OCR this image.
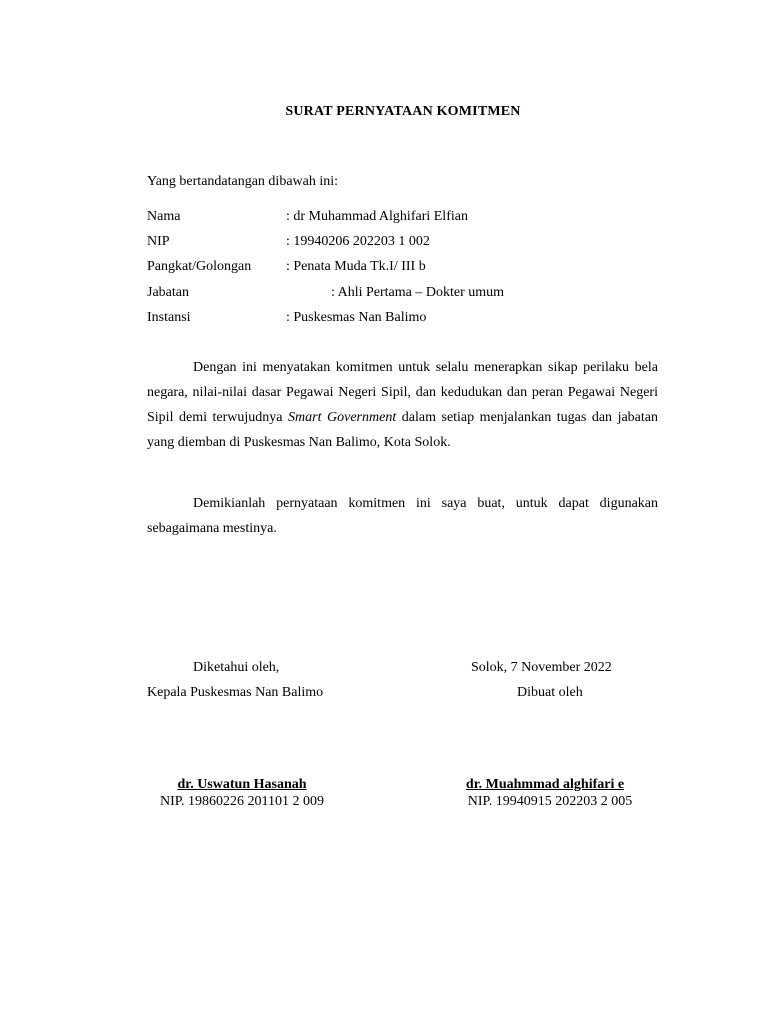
SURAT PERNYATAAN KOMITMEN
Yang bertandatangan dibawah ini:
Nama	: dr Muhammad Alghifari Elfian
NIP	: 19940206 202203 1 002
Pangkat/Golongan : Penata Muda Tk.I/ III b
Jabatan	: Ahli Pertama – Dokter umum
Instansi	: Puskesmas Nan Balimo
Dengan ini menyatakan komitmen untuk selalu menerapkan sikap perilaku bela negara, nilai-nilai dasar Pegawai Negeri Sipil, dan kedudukan dan peran Pegawai Negeri Sipil demi terwujudnya Smart Government dalam setiap menjalankan tugas dan jabatan yang diemban di Puskesmas Nan Balimo, Kota Solok.
Demikianlah pernyataan komitmen ini saya buat, untuk dapat digunakan sebagaimana mestinya.
Diketahui oleh,
Kepala Puskesmas Nan Balimo
dr. Uswatun Hasanah
NIP. 19860226 201101 2 009
Solok, 7 November 2022
Dibuat oleh
dr. Muahmmad alghifari e
NIP. 19940915 202203 2 005
